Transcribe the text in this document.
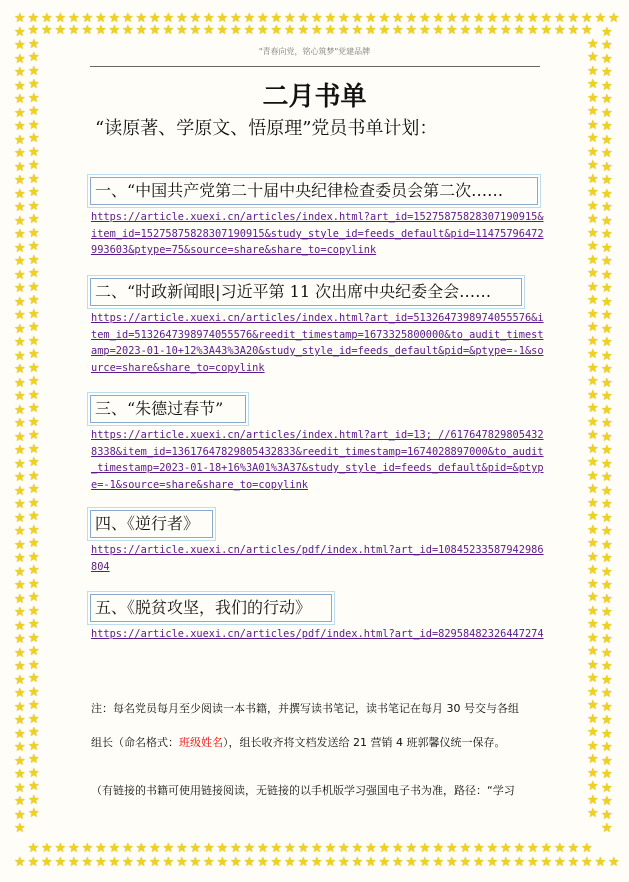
★
★
★
★
★
★
★
★
★
★
★
★
★
★
★
★
★
★
★
★
★
★
★
★
★
★
★
★
★
★
★
★
★
★
★
★
★
★
★
★
★
★
★
★
★
★
★
★
★
★
★
★
★
★
★
★
★
★
★
★
★
★
★
★
★
★
★
★
★
★
★
★
★
★
★
★
★
★
★
★
★
★
★
★
★
★
★
★
★
★
★	★
★	★
★	★
★	★
★	★
★	★
★	★
★	★
★	★
★	★
★	★
★	★
★	★
★	★
★	★
★	★
★	★
★	★
★	★
★	★
★	★
★	★
★	★
★	★
★	★
★	★
★	★
★	★
★	★
★	★
★	★
★	★
★	★
★	★
★	★
★	★
★	★
★	★
★	★
★	★
★	★
★	★
★	★
★	★
★	★
★	★
★	★
★	★
★	★
★	★
★	★
★	★
★	★
★	★
★	★
★	★
★	★
★	★
★	★
★	★
★	★
★	★
★	★
★	★
★	★
★	★
★	★
★	★
★	★
★	★
★	★
★	★
★	★
★	★
★	★
★	★
★	★
★	★
★	★
★	★
★	★
★	★
★	★
★	★
★	★
★	★
★	★
★	★
★	★
★	★
★	★
★	★
★	★
★	★
★	★
★	★
★	★
★	★
★	★
★	★
★	★
★	★
★	★
★	★
★	★
★	★
★	★
★	★
★	★
★	★
★	★
★	★
★	★
★	★
★	★
★	★
★	★
★	★
★
★
★
★
★
★
★
★
★
★
★
★
★
★
★
★
★
★
★
★
★
★
★
★
★
★
★
★
★
★
★
★
★
★
★
★
★
★
★
★
★
★
★
★
★
★
★
★
★
★
★
★
★
★
★
★
★
★
★
★
★
★
★
★
★
★
★
★
★
★
★
★
★
★
★
★
★
★
★
★
★
★
★
★
"青春向党，铭心筑梦"党建品牌
二月书单
“读原著、学原文、悟原理”党员书单计划：
一、“中国共产党第二十届中央纪律检查委员会第二次……
https://article.xuexi.cn/articles/index.html?art_id=15275875828307190915&item_id=15275875828307190915&study_style_id=feeds_default&pid=11475796472993603&ptype=75&source=share&share_to=copylink
二、“时政新闻眼|习近平第 11 次出席中央纪委全会……
https://article.xuexi.cn/articles/index.html?art_id=5132647398974055576&item_id=5132647398974055576&reedit_timestamp=1673325800000&to_audit_timestamp=2023-01-10+12%3A43%3A20&study_style_id=feeds_default&pid=&ptype=-1&source=share&share_to=copylink
三、“朱德过春节”
https://article.xuexi.cn/articles/index.html?art_id=13; //6176478298054328338&item_id=13617647829805432833&reedit_timestamp=1674028897000&to_audit_timestamp=2023-01-18+16%3A01%3A37&study_style_id=feeds_default&pid=&ptype=-1&source=share&share_to=copylink
四、《逆行者》
https://article.xuexi.cn/articles/pdf/index.html?art_id=10845233587942986804
五、《脱贫攻坚，我们的行动》
https://article.xuexi.cn/articles/pdf/index.html?art_id=82958482326447274
注：每名党员每月至少阅读一本书籍，并撰写读书笔记，读书笔记在每月 30 号交与各组
组长（命名格式：班级姓名），组长收齐将文档发送给 21 营销 4 班郭馨仪统一保存。
（有链接的书籍可使用链接阅读，无链接的以手机版学习强国电子书为准，路径：“学习
